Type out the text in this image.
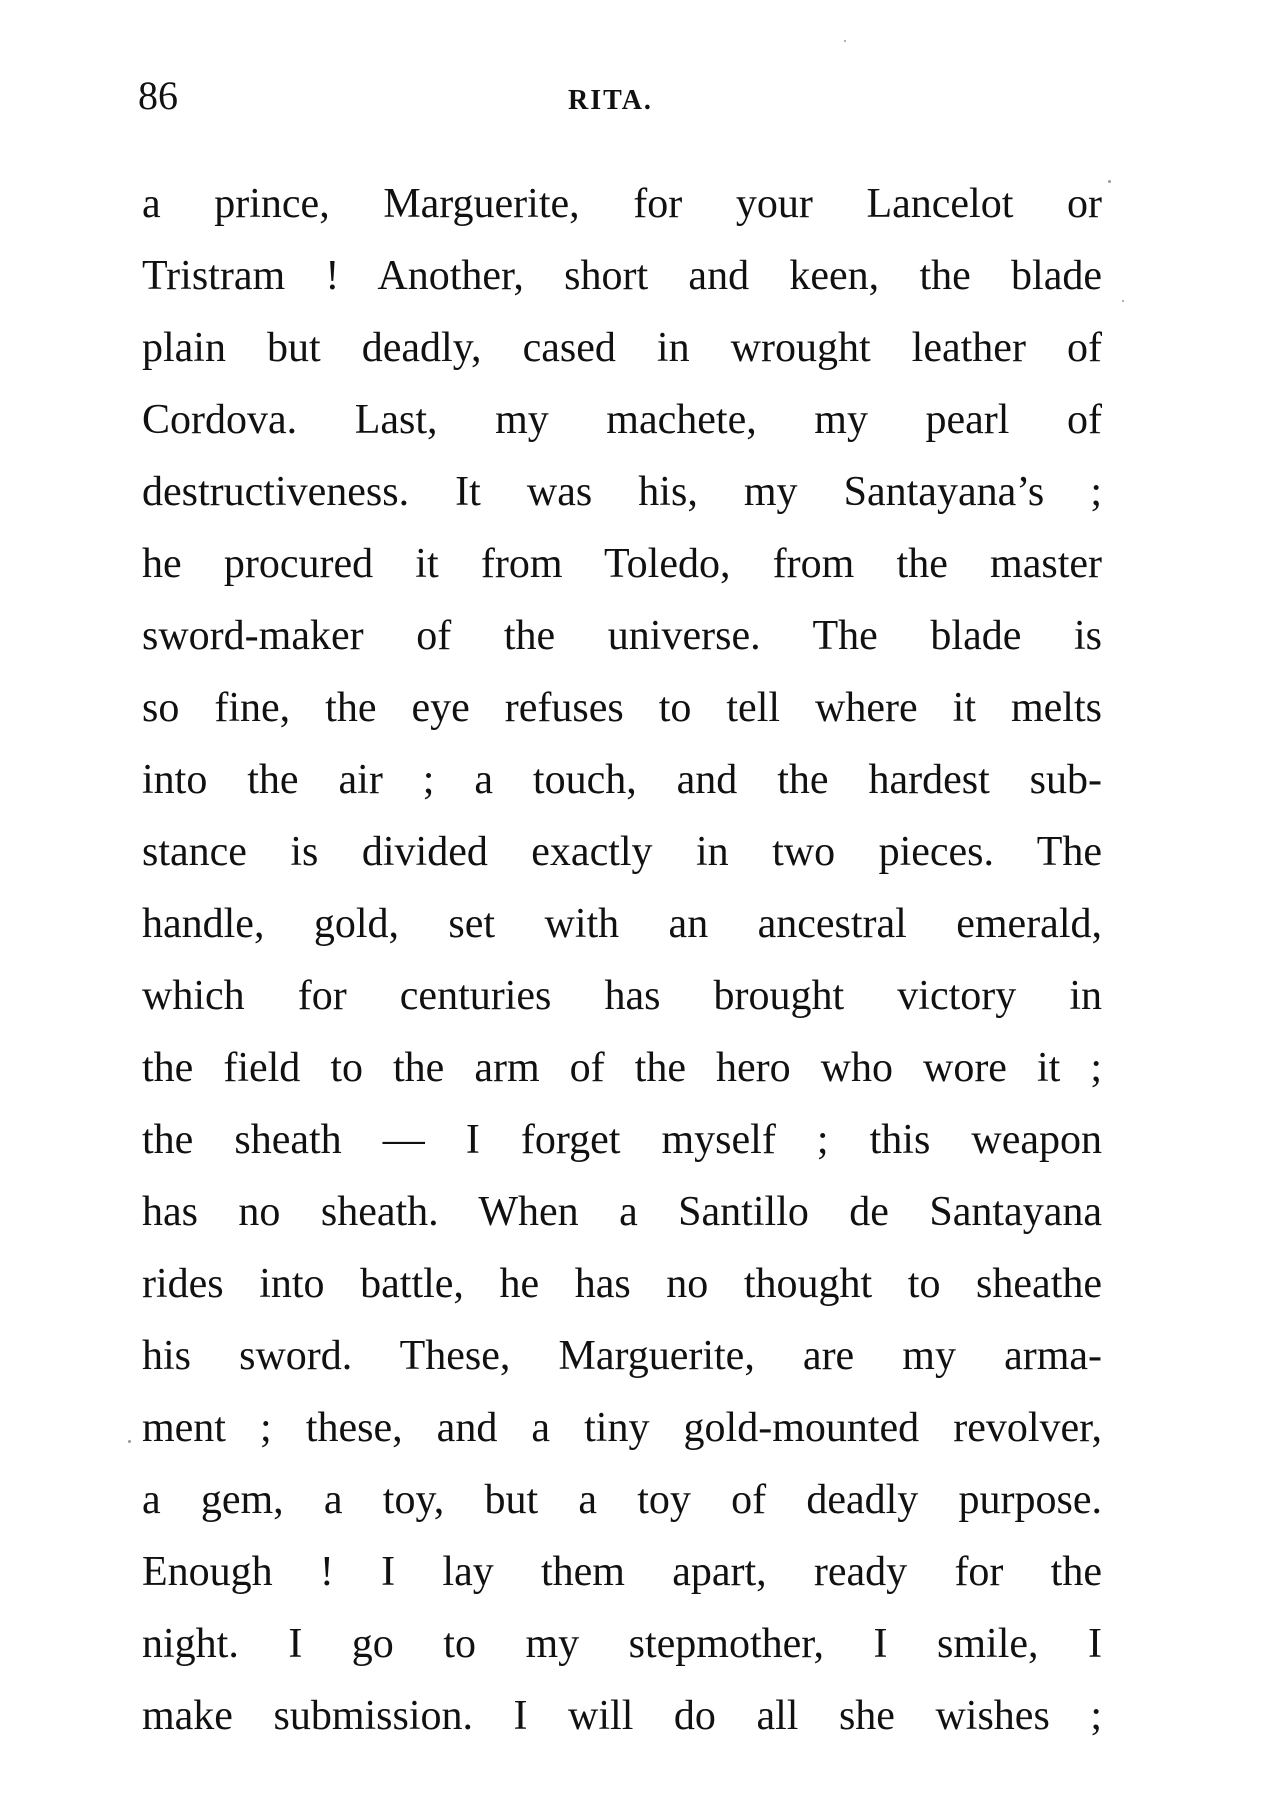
86	RITA.
a prince, Marguerite, for your Lancelot or
Tristram ! Another, short and keen, the blade
plain but deadly, cased in wrought leather of
Cordova. Last, my machete, my pearl of
destructiveness. It was his, my Santayana’s ;
he procured it from Toledo, from the master
sword-maker of the universe. The blade is
so fine, the eye refuses to tell where it melts
into the air ; a touch, and the hardest sub-
stance is divided exactly in two pieces. The
handle, gold, set with an ancestral emerald,
which for centuries has brought victory in
the field to the arm of the hero who wore it ;
the sheath — I forget myself ; this weapon
has no sheath. When a Santillo de Santayana
rides into battle, he has no thought to sheathe
his sword. These, Marguerite, are my arma-
ment ; these, and a tiny gold-mounted revolver,
a gem, a toy, but a toy of deadly purpose.
Enough ! I lay them apart, ready for the
night. I go to my stepmother, I smile, I
make submission. I will do all she wishes ;
